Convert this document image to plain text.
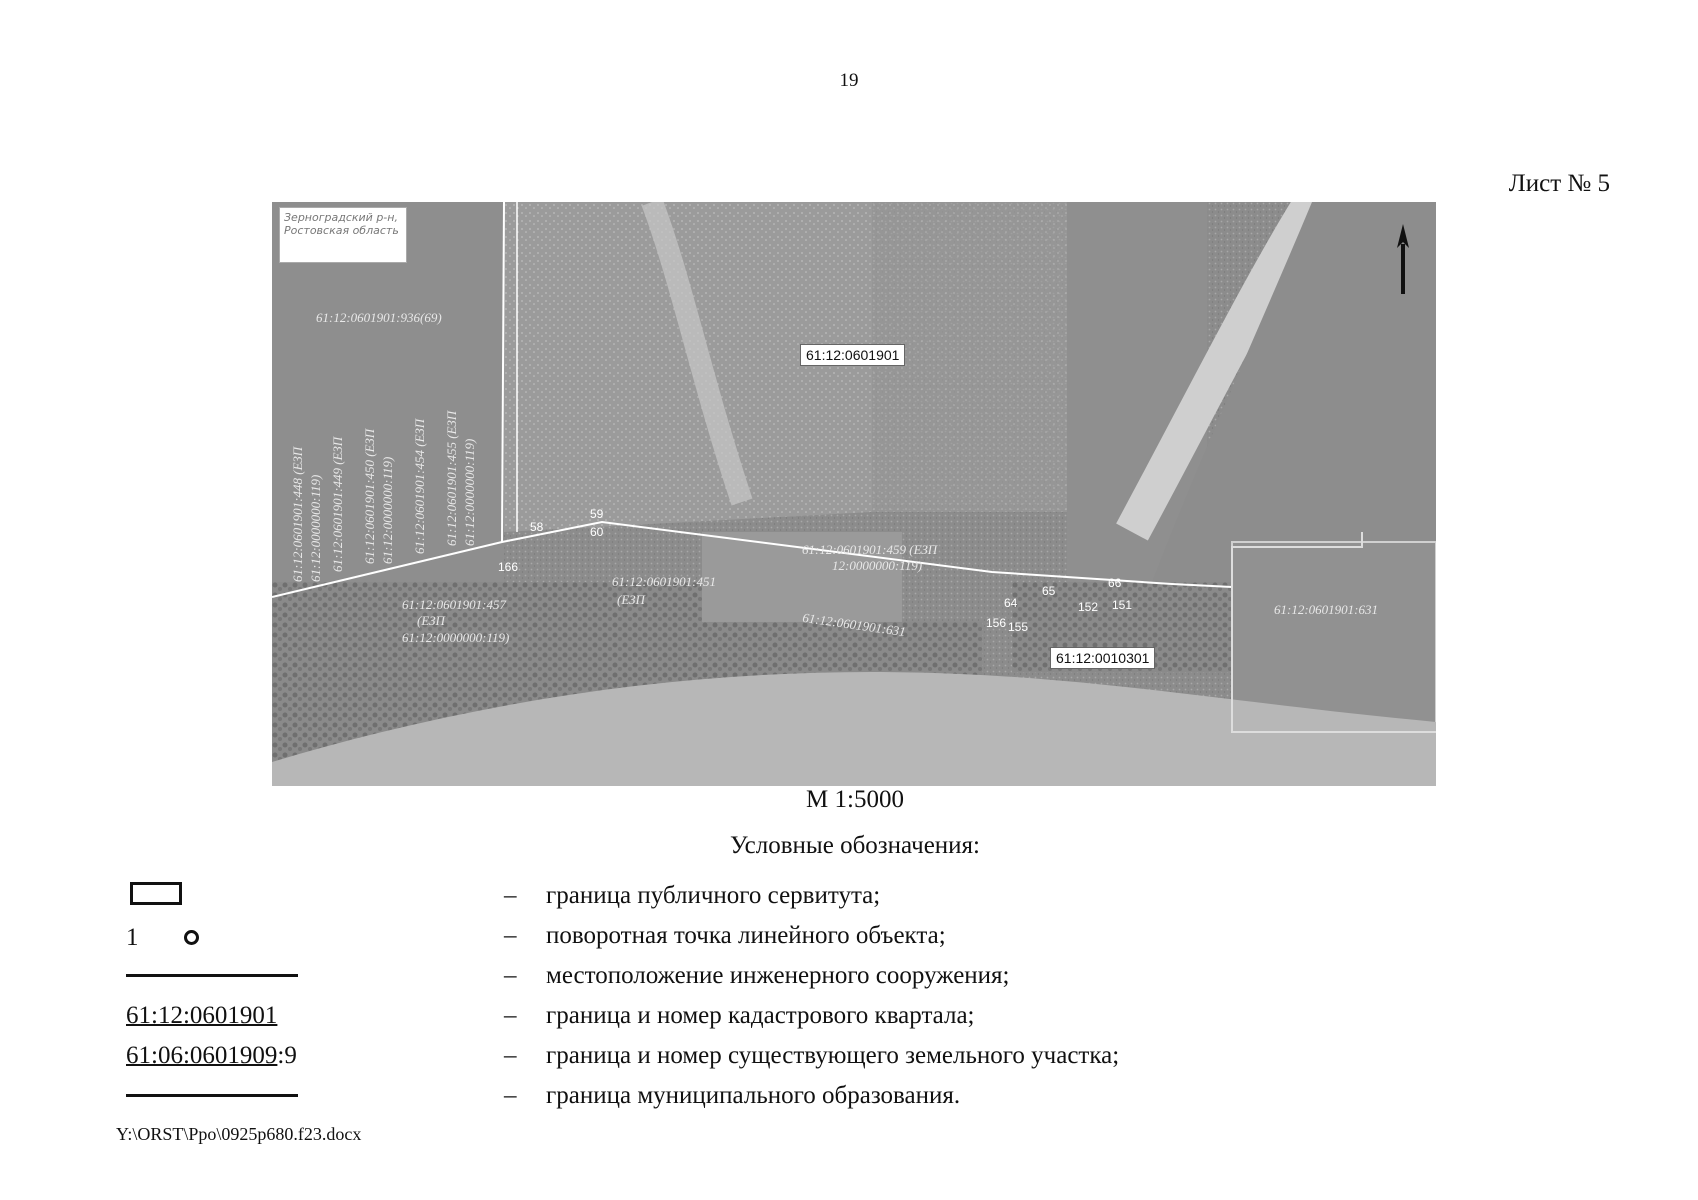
19
Лист № 5
Зерноградский р-н, Ростовская область
61:12:0601901
61:12:0010301
61:12:0601901:936(69)
61:12:0601901:631
61:12:0601901:631
61:12:0601901:459 (ЕЗП
12:0000000:119)
61:12:0601901:457
(ЕЗП
61:12:0000000:119)
61:12:0601901:451
(ЕЗП
61:12:0601901:448 (ЕЗП 61:12:0000000:119) 61:12:0601901:449 (ЕЗП 61:12:0601901:450 (ЕЗП 61:12:0000000:119) 61:12:0601901:454 (ЕЗП 61:12:0601901:455 (ЕЗП 61:12:0000000:119)	59
60
58
166
64
65
66
152 151
155
156
М 1:5000
Условные обозначения:
– граница публичного сервитута;
1	– поворотная точка линейного объекта;
– местоположение инженерного сооружения;
61:12:0601901	– граница и номер кадастрового квартала;
61:06:0601909:9	– граница и номер существующего земельного участка;
– граница муниципального образования.
Y:\ORST\Ppo\0925p680.f23.docx
